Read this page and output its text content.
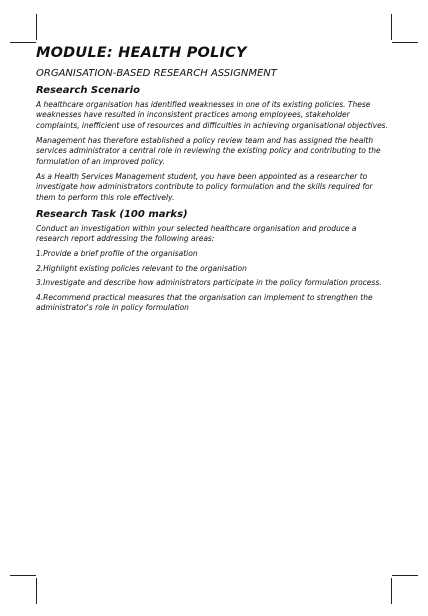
MODULE: HEALTH POLICY
ORGANISATION-BASED RESEARCH ASSIGNMENT
Research Scenario

A healthcare organisation has identified weaknesses in one of its existing policies. These weaknesses have resulted in inconsistent practices among employees, stakeholder complaints, inefficient use of resources and difficulties in achieving organisational objectives.

Management has therefore established a policy review team and has assigned the health services administrator a central role in reviewing the existing policy and contributing to the formulation of an improved policy.

As a Health Services Management student, you have been appointed as a researcher to investigate how administrators contribute to policy formulation and the skills required for them to perform this role effectively.

Research Task (100 marks)

Conduct an investigation within your selected healthcare organisation and produce a research report addressing the following areas:

1.Provide a brief profile of the organisation

2.Highlight existing policies relevant to the organisation

3.Investigate and describe how administrators participate in the policy formulation process.

4.Recommend practical measures that the organisation can implement to strengthen the administrator's role in policy formulation
